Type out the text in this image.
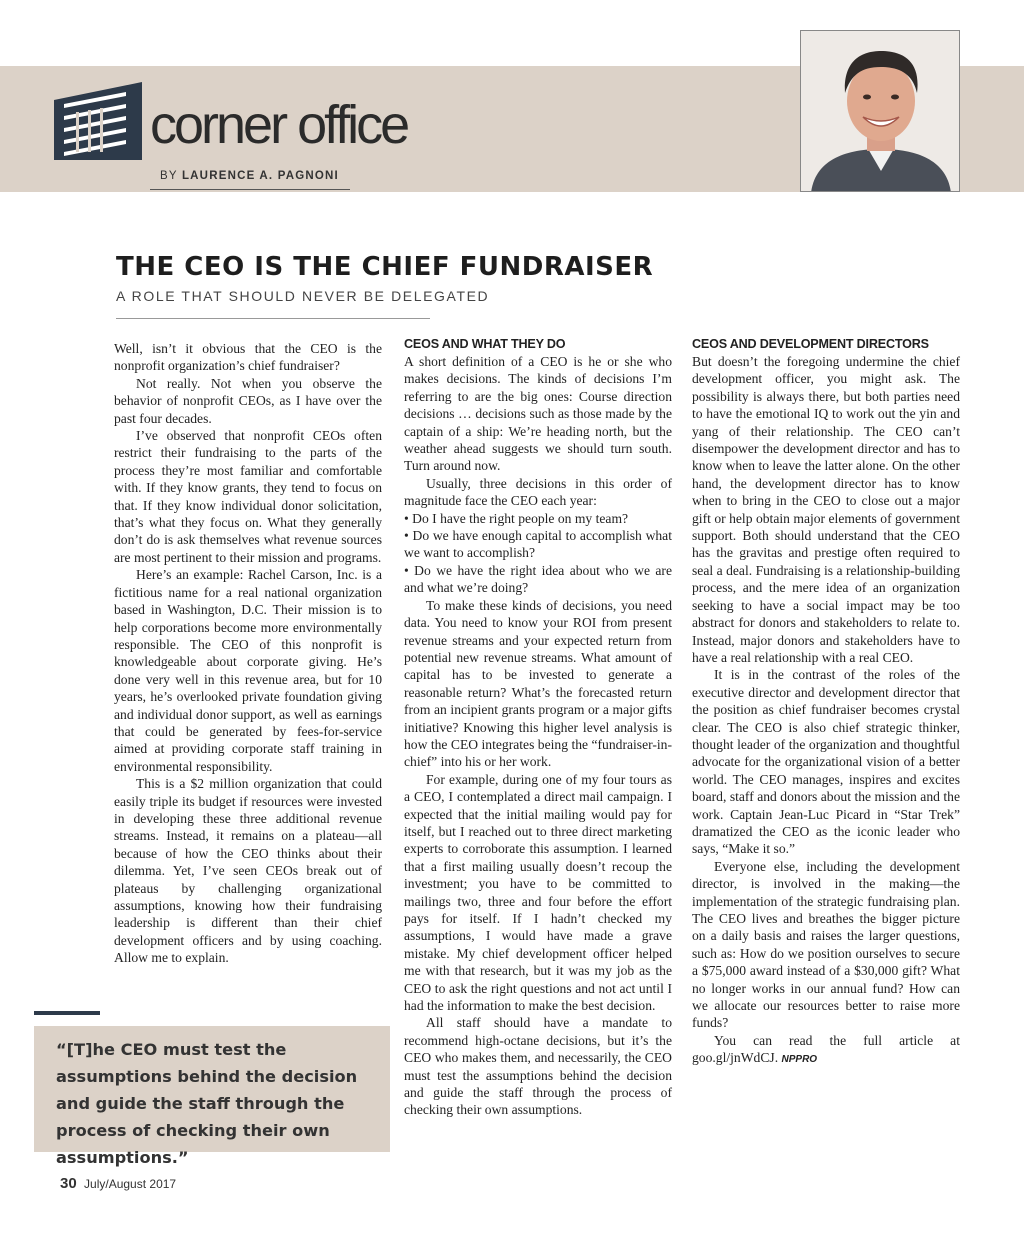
corner office
BY LAURENCE A. PAGNONI
THE CEO IS THE CHIEF FUNDRAISER
A ROLE THAT SHOULD NEVER BE DELEGATED

Well, isn’t it obvious that the CEO is the nonprofit organization’s chief fundraiser?

Not really. Not when you observe the behavior of nonprofit CEOs, as I have over the past four decades.

I’ve observed that nonprofit CEOs often restrict their fundraising to the parts of the process they’re most familiar and comfortable with. If they know grants, they tend to focus on that. If they know individual donor solicitation, that’s what they focus on. What they generally don’t do is ask themselves what revenue sources are most pertinent to their mission and programs.

Here’s an example: Rachel Carson, Inc. is a fictitious name for a real national organization based in Washington, D.C. Their mission is to help corporations become more environmentally responsible. The CEO of this nonprofit is knowledgeable about corporate giving. He’s done very well in this revenue area, but for 10 years, he’s overlooked private foundation giving and individual donor support, as well as earnings that could be generated by fees-for-service aimed at providing corporate staff training in environmental responsibility.

This is a $2 million organization that could easily triple its budget if resources were invested in developing these three additional revenue streams. Instead, it remains on a plateau—all because of how the CEO thinks about their dilemma. Yet, I’ve seen CEOs break out of plateaus by challenging organizational assumptions, knowing how their fundraising leadership is different than their chief development officers and by using coaching. Allow me to explain.

CEOS AND WHAT THEY DO

A short definition of a CEO is he or she who makes decisions. The kinds of decisions I’m referring to are the big ones: Course direction decisions … decisions such as those made by the captain of a ship: We’re heading north, but the weather ahead suggests we should turn south. Turn around now.

Usually, three decisions in this order of magnitude face the CEO each year:

• Do I have the right people on my team?

• Do we have enough capital to accomplish what we want to accomplish?

• Do we have the right idea about who we are and what we’re doing?

To make these kinds of decisions, you need data. You need to know your ROI from present revenue streams and your expected return from potential new revenue streams. What amount of capital has to be invested to generate a reasonable return? What’s the forecasted return from an incipient grants program or a major gifts initiative? Knowing this higher level analysis is how the CEO integrates being the “fundraiser-in-chief” into his or her work.

For example, during one of my four tours as a CEO, I contemplated a direct mail campaign. I expected that the initial mailing would pay for itself, but I reached out to three direct marketing experts to corroborate this assumption. I learned that a first mailing usually doesn’t recoup the investment; you have to be committed to mailings two, three and four before the effort pays for itself. If I hadn’t checked my assumptions, I would have made a grave mistake. My chief development officer helped me with that research, but it was my job as the CEO to ask the right questions and not act until I had the information to make the best decision.

All staff should have a mandate to recommend high-octane decisions, but it’s the CEO who makes them, and necessarily, the CEO must test the assumptions behind the decision and guide the staff through the process of checking their own assumptions.

CEOS AND DEVELOPMENT DIRECTORS

But doesn’t the foregoing undermine the chief development officer, you might ask. The possibility is always there, but both parties need to have the emotional IQ to work out the yin and yang of their relationship. The CEO can’t disempower the development director and has to know when to leave the latter alone. On the other hand, the development director has to know when to bring in the CEO to close out a major gift or help obtain major elements of government support. Both should understand that the CEO has the gravitas and prestige often required to seal a deal. Fundraising is a relationship-building process, and the mere idea of an organization seeking to have a social impact may be too abstract for donors and stakeholders to relate to. Instead, major donors and stakeholders have to have a real relationship with a real CEO.

It is in the contrast of the roles of the executive director and development director that the position as chief fundraiser becomes crystal clear. The CEO is also chief strategic thinker, thought leader of the organization and thoughtful advocate for the organizational vision of a better world. The CEO manages, inspires and excites board, staff and donors about the mission and the work. Captain Jean-Luc Picard in “Star Trek” dramatized the CEO as the iconic leader who says, “Make it so.”

Everyone else, including the development director, is involved in the making—the implementation of the strategic fundraising plan. The CEO lives and breathes the bigger picture on a daily basis and raises the larger questions, such as: How do we position ourselves to secure a $75,000 award instead of a $30,000 gift? What no longer works in our annual fund? How can we allocate our resources better to raise more funds?

You can read the full article at goo.gl/jnWdCJ. NPPRO

“[T]he CEO must test the assumptions behind the decision and guide the staff through the process of checking their own assumptions.”
30 July/August 2017
